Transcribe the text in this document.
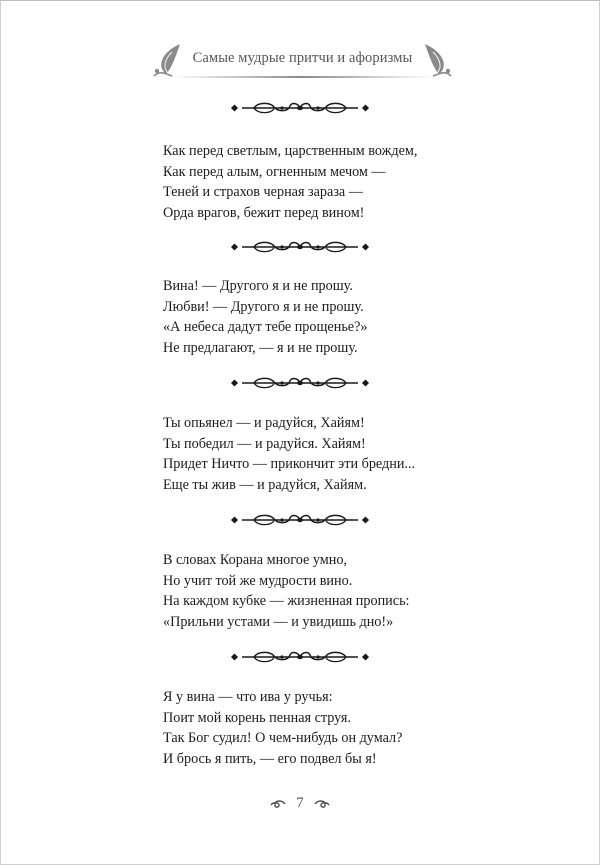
Самые мудрые притчи и афоризмы
Как перед светлым, царственным вождем,
Как перед алым, огненным мечом —
Теней и страхов черная зараза —
Орда врагов, бежит перед вином!
Вина! — Другого я и не прошу.
Любви! — Другого я и не прошу.
«А небеса дадут тебе прощенье?»
Не предлагают, — я и не прошу.
Ты опьянел — и радуйся, Хайям!
Ты победил — и радуйся. Хайям!
Придет Ничто — прикончит эти бредни...
Еще ты жив — и радуйся, Хайям.
В словах Корана многое умно,
Но учит той же мудрости вино.
На каждом кубке — жизненная пропись:
«Прильни устами — и увидишь дно!»
Я у вина — что ива у ручья:
Поит мой корень пенная струя.
Так Бог судил! О чем-нибудь он думал?
И брось я пить, — его подвел бы я!
7
